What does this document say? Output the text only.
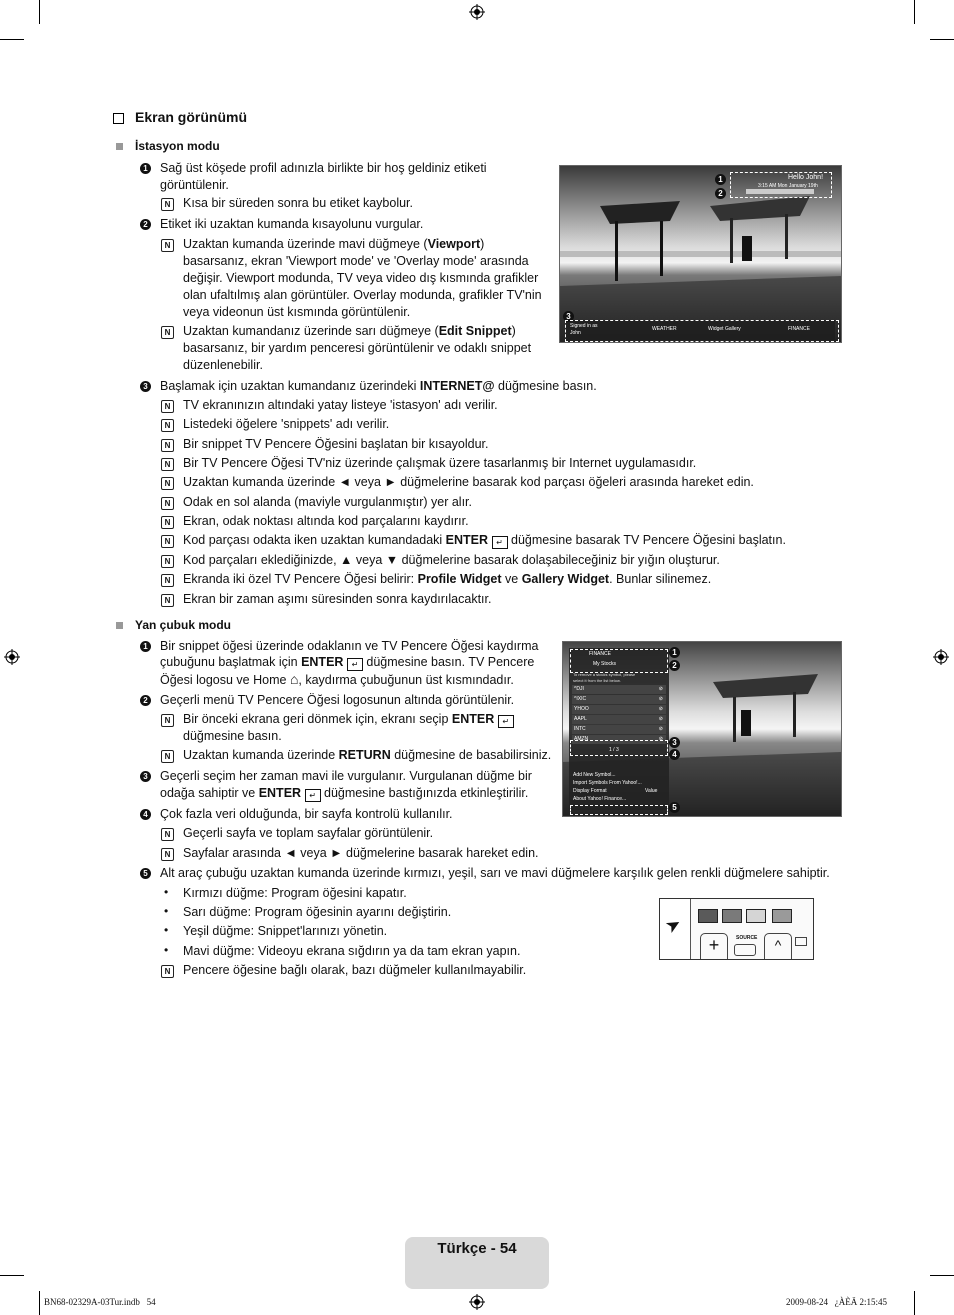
Ekran görünümü
İstasyon modu
1 Sağ üst köşede profil adınızla birlikte bir hoş geldiniz etiketi
görüntülenir.
N Kısa bir süreden sonra bu etiket kaybolur.
2 Etiket iki uzaktan kumanda kısayolunu vurgular.
N Uzaktan kumanda üzerinde mavi düğmeye (Viewport)
basarsanız, ekran 'Viewport mode' ve 'Overlay mode' arasında
değişir. Viewport modunda, TV veya video dış kısmında grafikler
olan ufaltılmış alan görüntüler. Overlay modunda, grafikler TV'nin
veya videonun üst kısmında görüntülenir.
N Uzaktan kumandanız üzerinde sarı düğmeye (Edit Snippet)
basarsanız, bir yardım penceresi görüntülenir ve odaklı snippet
düzenlenebilir.
3 Başlamak için uzaktan kumandanız üzerindeki INTERNET@ düğmesine basın.
N TV ekranınızın altındaki yatay listeye 'istasyon' adı verilir.
N Listedeki öğelere 'snippets' adı verilir.
N Bir snippet TV Pencere Öğesini başlatan bir kısayoldur.
N Bir TV Pencere Öğesi TV'niz üzerinde çalışmak üzere tasarlanmış bir Internet uygulamasıdır.
N Uzaktan kumanda üzerinde ◄ veya ► düğmelerine basarak kod parçası öğeleri arasında hareket edin.
N Odak en sol alanda (maviyle vurgulanmıştır) yer alır.
N Ekran, odak noktası altında kod parçalarını kaydırır.
N Kod parçası odakta iken uzaktan kumandadaki ENTER ↵ düğmesine basarak TV Pencere Öğesini başlatın.
N Kod parçaları eklediğinizde, ▲ veya ▼ düğmelerine basarak dolaşabileceğiniz bir yığın oluşturur.
N Ekranda iki özel TV Pencere Öğesi belirir: Profile Widget ve Gallery Widget. Bunlar silinemez.
N Ekran bir zaman aşımı süresinden sonra kaydırılacaktır.
Hello John!
3:15 AM Mon January 19th
1
2
3
Signed in as
John
WEATHER	Widget Gallery	FINANCE
Yan çubuk modu
1 Bir snippet öğesi üzerinde odaklanın ve TV Pencere Öğesi kaydırma
çubuğunu başlatmak için ENTER ↵ düğmesine basın. TV Pencere
Öğesi logosu ve Home ⌂, kaydırma çubuğunun üst kısmındadır.
2 Geçerli menü TV Pencere Öğesi logosunun altında görüntülenir.
N Bir önceki ekrana geri dönmek için, ekranı seçip ENTER ↵
düğmesine basın.
N Uzaktan kumanda üzerinde RETURN düğmesine de basabilirsiniz.
3 Geçerli seçim her zaman mavi ile vurgulanır. Vurgulanan düğme bir
odağa sahiptir ve ENTER ↵ düğmesine bastığınızda etkinleştirilir.
4 Çok fazla veri olduğunda, bir sayfa kontrolü kullanılır.
N Geçerli sayfa ve toplam sayfalar görüntülenir.
N Sayfalar arasında ◄ veya ► düğmelerine basarak hareket edin.
5 Alt araç çubuğu uzaktan kumanda üzerinde kırmızı, yeşil, sarı ve mavi düğmelere karşılık gelen renkli düğmelere sahiptir.
• Kırmızı düğme: Program öğesini kapatır.
• Sarı düğme: Program öğesinin ayarını değiştirin.
• Yeşil düğme: Snippet'larınızı yönetin.
• Mavi düğme: Videoyu ekrana sığdırın ya da tam ekran yapın.
N Pencere öğesine bağlı olarak, bazı düğmeler kullanılmayabilir.
FINANCE
My Stocks
To remove a stocks symbol, please
select it from the list below.
^DJI	⊘
^IXIC	⊘
YHOO	⊘
AAPL	⊘
INTC	⊘
AMZN	⊘
1 / 3
Add New Symbol...
Import Symbols From Yahoo!...
Display Format	Value
About Yahoo! Finance...
1
2
3
4
5
➤
+	SOURCE	^
Türkçe - 54
BN68-02329A-03Tur.indb   54	2009-08-24   ¿ÀÈÄ 2:15:45
